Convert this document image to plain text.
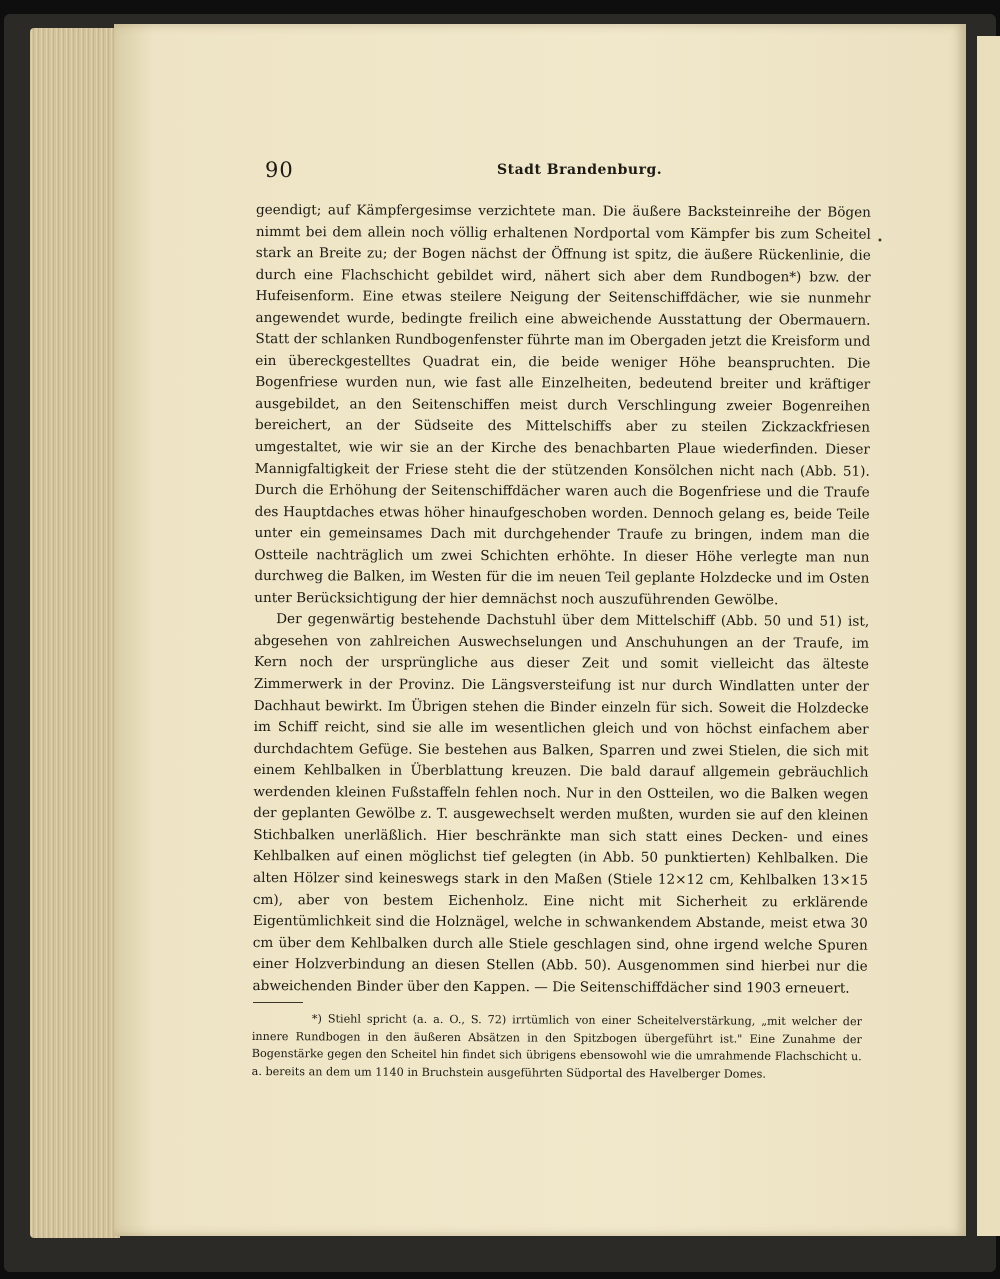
90	Stadt Brandenburg.

geendigt; auf Kämpfergesimse verzichtete man. Die äußere Backsteinreihe der Bögen nimmt bei dem allein noch völlig erhaltenen Nordportal vom Kämpfer bis zum Scheitel stark an Breite zu; der Bogen nächst der Öffnung ist spitz, die äußere Rückenlinie, die durch eine Flachschicht gebildet wird, nähert sich aber dem Rundbogen*) bzw. der Hufeisenform. Eine etwas steilere Neigung der Seitenschiffdächer, wie sie nunmehr angewendet wurde, bedingte freilich eine abweichende Ausstattung der Obermauern. Statt der schlanken Rundbogenfenster führte man im Obergaden jetzt die Kreisform und ein übereckgestelltes Quadrat ein, die beide weniger Höhe beanspruchten. Die Bogenfriese wurden nun, wie fast alle Einzelheiten, bedeutend breiter und kräftiger ausgebildet, an den Seitenschiffen meist durch Verschlingung zweier Bogenreihen bereichert, an der Südseite des Mittelschiffs aber zu steilen Zickzackfriesen umgestaltet, wie wir sie an der Kirche des benachbarten Plaue wiederfinden. Dieser Mannigfaltigkeit der Friese steht die der stützenden Konsölchen nicht nach (Abb. 51). Durch die Erhöhung der Seitenschiffdächer waren auch die Bogenfriese und die Traufe des Hauptdaches etwas höher hinaufgeschoben worden. Dennoch gelang es, beide Teile unter ein gemeinsames Dach mit durchgehender Traufe zu bringen, indem man die Ostteile nachträglich um zwei Schichten erhöhte. In dieser Höhe verlegte man nun durchweg die Balken, im Westen für die im neuen Teil geplante Holzdecke und im Osten unter Berücksichtigung der hier demnächst noch auszuführenden Gewölbe.

Der gegenwärtig bestehende Dachstuhl über dem Mittelschiff (Abb. 50 und 51) ist, abgesehen von zahlreichen Auswechselungen und Anschuhungen an der Traufe, im Kern noch der ursprüngliche aus dieser Zeit und somit vielleicht das älteste Zimmerwerk in der Provinz. Die Längsversteifung ist nur durch Windlatten unter der Dachhaut bewirkt. Im Übrigen stehen die Binder einzeln für sich. Soweit die Holzdecke im Schiff reicht, sind sie alle im wesentlichen gleich und von höchst einfachem aber durchdachtem Gefüge. Sie bestehen aus Balken, Sparren und zwei Stielen, die sich mit einem Kehlbalken in Überblattung kreuzen. Die bald darauf allgemein gebräuchlich werdenden kleinen Fußstaffeln fehlen noch. Nur in den Ostteilen, wo die Balken wegen der geplanten Gewölbe z. T. ausgewechselt werden mußten, wurden sie auf den kleinen Stichbalken unerläßlich. Hier beschränkte man sich statt eines Decken- und eines Kehlbalken auf einen möglichst tief gelegten (in Abb. 50 punktierten) Kehlbalken. Die alten Hölzer sind keineswegs stark in den Maßen (Stiele 12×12 cm, Kehlbalken 13×15 cm), aber von bestem Eichenholz. Eine nicht mit Sicherheit zu erklärende Eigentümlichkeit sind die Holznägel, welche in schwankendem Abstande, meist etwa 30 cm über dem Kehlbalken durch alle Stiele geschlagen sind, ohne irgend welche Spuren einer Holzverbindung an diesen Stellen (Abb. 50). Ausgenommen sind hierbei nur die abweichenden Binder über den Kappen. — Die Seitenschiffdächer sind 1903 erneuert.

•

*) Stiehl spricht (a. a. O., S. 72) irrtümlich von einer Scheitelverstärkung, „mit welcher der innere Rundbogen in den äußeren Absätzen in den Spitzbogen übergeführt ist." Eine Zunahme der Bogenstärke gegen den Scheitel hin findet sich übrigens ebensowohl wie die umrahmende Flachschicht u. a. bereits an dem um 1140 in Bruchstein ausgeführten Südportal des Havelberger Domes.
